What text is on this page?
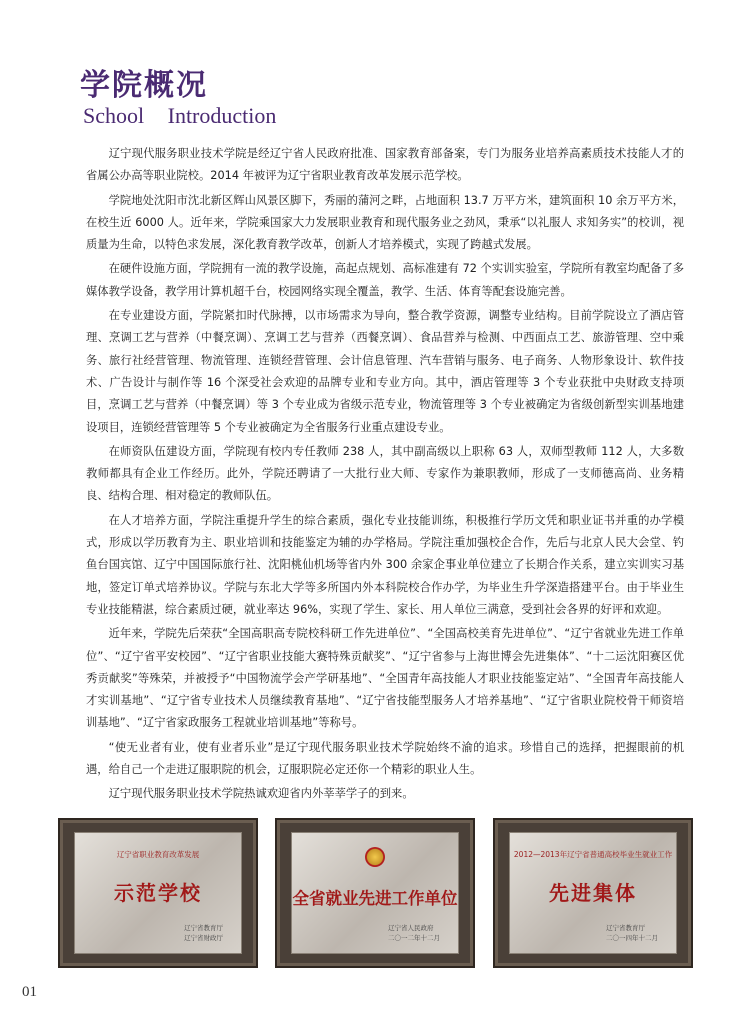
学院概况
School Introduction

辽宁现代服务职业技术学院是经辽宁省人民政府批准、国家教育部备案，专门为服务业培养高素质技术技能人才的省属公办高等职业院校。2014 年被评为辽宁省职业教育改革发展示范学校。

学院地处沈阳市沈北新区辉山风景区脚下，秀丽的蒲河之畔，占地面积 13.7 万平方米，建筑面积 10 余万平方米，在校生近 6000 人。近年来，学院乘国家大力发展职业教育和现代服务业之劲风，秉承“以礼服人 求知务实”的校训，视质量为生命，以特色求发展，深化教育教学改革，创新人才培养模式，实现了跨越式发展。

在硬件设施方面，学院拥有一流的教学设施，高起点规划、高标准建有 72 个实训实验室，学院所有教室均配备了多媒体教学设备，教学用计算机超千台，校园网络实现全覆盖，教学、生活、体育等配套设施完善。

在专业建设方面，学院紧扣时代脉搏，以市场需求为导向，整合教学资源，调整专业结构。目前学院设立了酒店管理、烹调工艺与营养（中餐烹调）、烹调工艺与营养（西餐烹调）、食品营养与检测、中西面点工艺、旅游管理、空中乘务、旅行社经营管理、物流管理、连锁经营管理、会计信息管理、汽车营销与服务、电子商务、人物形象设计、软件技术、广告设计与制作等 16 个深受社会欢迎的品牌专业和专业方向。其中，酒店管理等 3 个专业获批中央财政支持项目，烹调工艺与营养（中餐烹调）等 3 个专业成为省级示范专业，物流管理等 3 个专业被确定为省级创新型实训基地建设项目，连锁经营管理等 5 个专业被确定为全省服务行业重点建设专业。

在师资队伍建设方面，学院现有校内专任教师 238 人，其中副高级以上职称 63 人，双师型教师 112 人，大多数教师都具有企业工作经历。此外，学院还聘请了一大批行业大师、专家作为兼职教师，形成了一支师德高尚、业务精良、结构合理、相对稳定的教师队伍。

在人才培养方面，学院注重提升学生的综合素质，强化专业技能训练，积极推行学历文凭和职业证书并重的办学模式，形成以学历教育为主、职业培训和技能鉴定为辅的办学格局。学院注重加强校企合作，先后与北京人民大会堂、钓鱼台国宾馆、辽宁中国国际旅行社、沈阳桃仙机场等省内外 300 余家企事业单位建立了长期合作关系，建立实训实习基地，签定订单式培养协议。学院与东北大学等多所国内外本科院校合作办学，为毕业生升学深造搭建平台。由于毕业生专业技能精湛，综合素质过硬，就业率达 96%，实现了学生、家长、用人单位三满意，受到社会各界的好评和欢迎。

近年来，学院先后荣获“全国高职高专院校科研工作先进单位”、“全国高校美育先进单位”、“辽宁省就业先进工作单位”、“辽宁省平安校园”、“辽宁省职业技能大赛特殊贡献奖”、“辽宁省参与上海世博会先进集体”、“十二运沈阳赛区优秀贡献奖”等殊荣，并被授予“中国物流学会产学研基地”、“全国青年高技能人才职业技能鉴定站”、“全国青年高技能人才实训基地”、“辽宁省专业技术人员继续教育基地”、“辽宁省技能型服务人才培养基地”、“辽宁省职业院校骨干师资培训基地”、“辽宁省家政服务工程就业培训基地”等称号。

“使无业者有业，使有业者乐业”是辽宁现代服务职业技术学院始终不渝的追求。珍惜自己的选择，把握眼前的机遇，给自己一个走进辽服职院的机会，辽服职院必定还你一个精彩的职业人生。

辽宁现代服务职业技术学院热诚欢迎省内外莘莘学子的到来。

辽宁省职业教育改革发展
示范学校
辽宁省教育厅
辽宁省财政厅
全省就业先进工作单位
辽宁省人民政府
二〇一二年十二月
2012—2013年辽宁省普通高校毕业生就业工作
先进集体
辽宁省教育厅
二〇一四年十二月
01
